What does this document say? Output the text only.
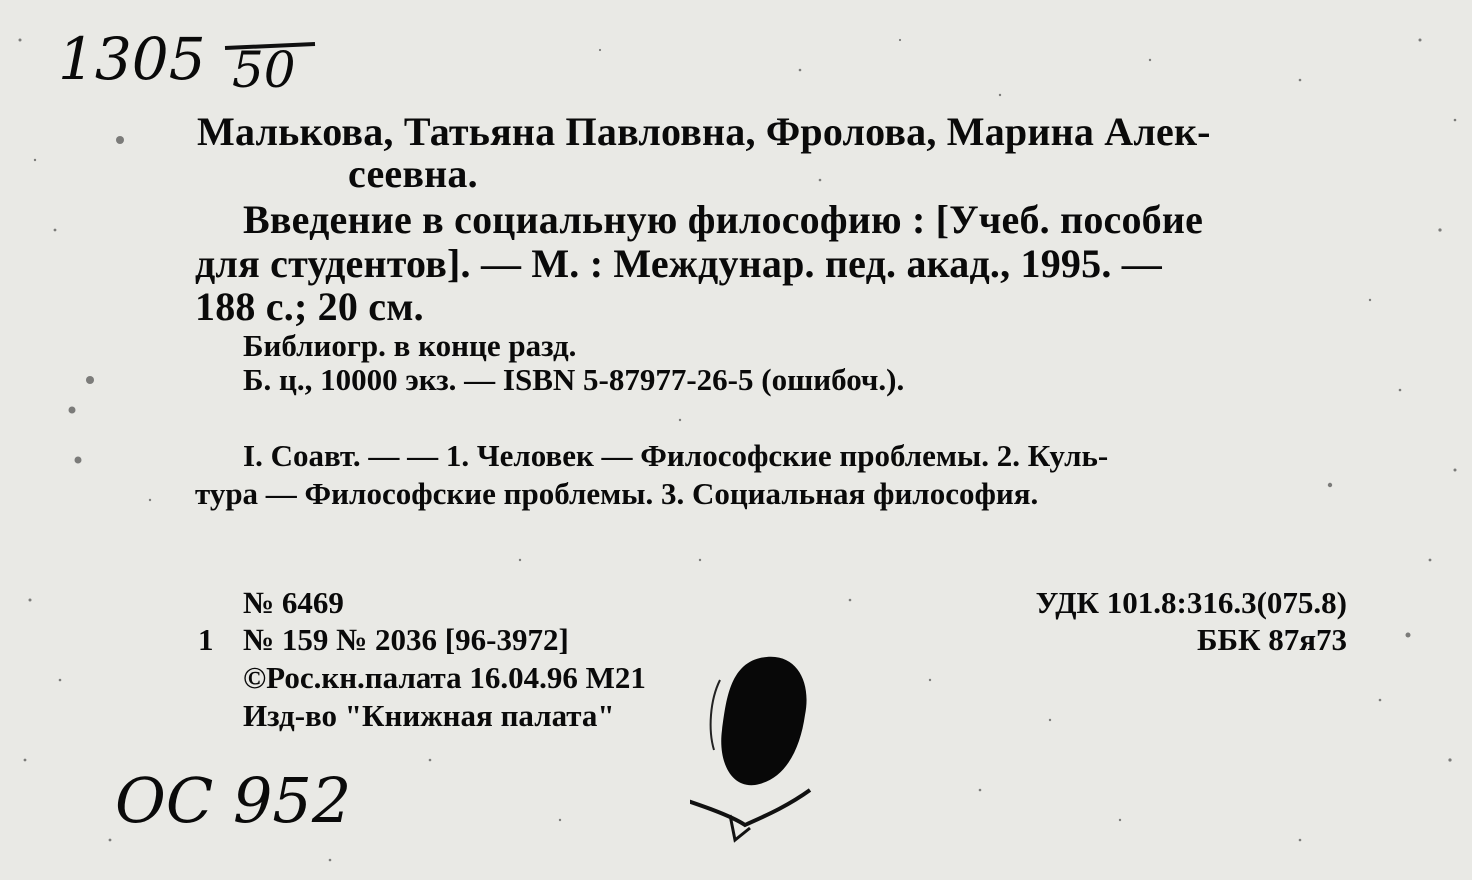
1305 50
Малькова, Татьяна Павловна, Фролова, Марина Алек-
сеевна.
Введение в социальную философию : [Учеб. пособие
для студентов]. — М. : Междунар. пед. акад., 1995. —
188 с.; 20 см.
Библиогр. в конце разд.
Б. ц., 10000 экз. — ISBN 5-87977-26-5 (ошибоч.).
I. Соавт. — — 1. Человек — Философские проблемы. 2. Куль-
тура — Философские проблемы. 3. Социальная философия.
№ 6469
1 № 159 № 2036 [96-3972]
©Рос.кн.палата 16.04.96 М21
Изд-во "Книжная палата"
УДК 101.8:316.3(075.8)
ББК 87я73
ОС 952
